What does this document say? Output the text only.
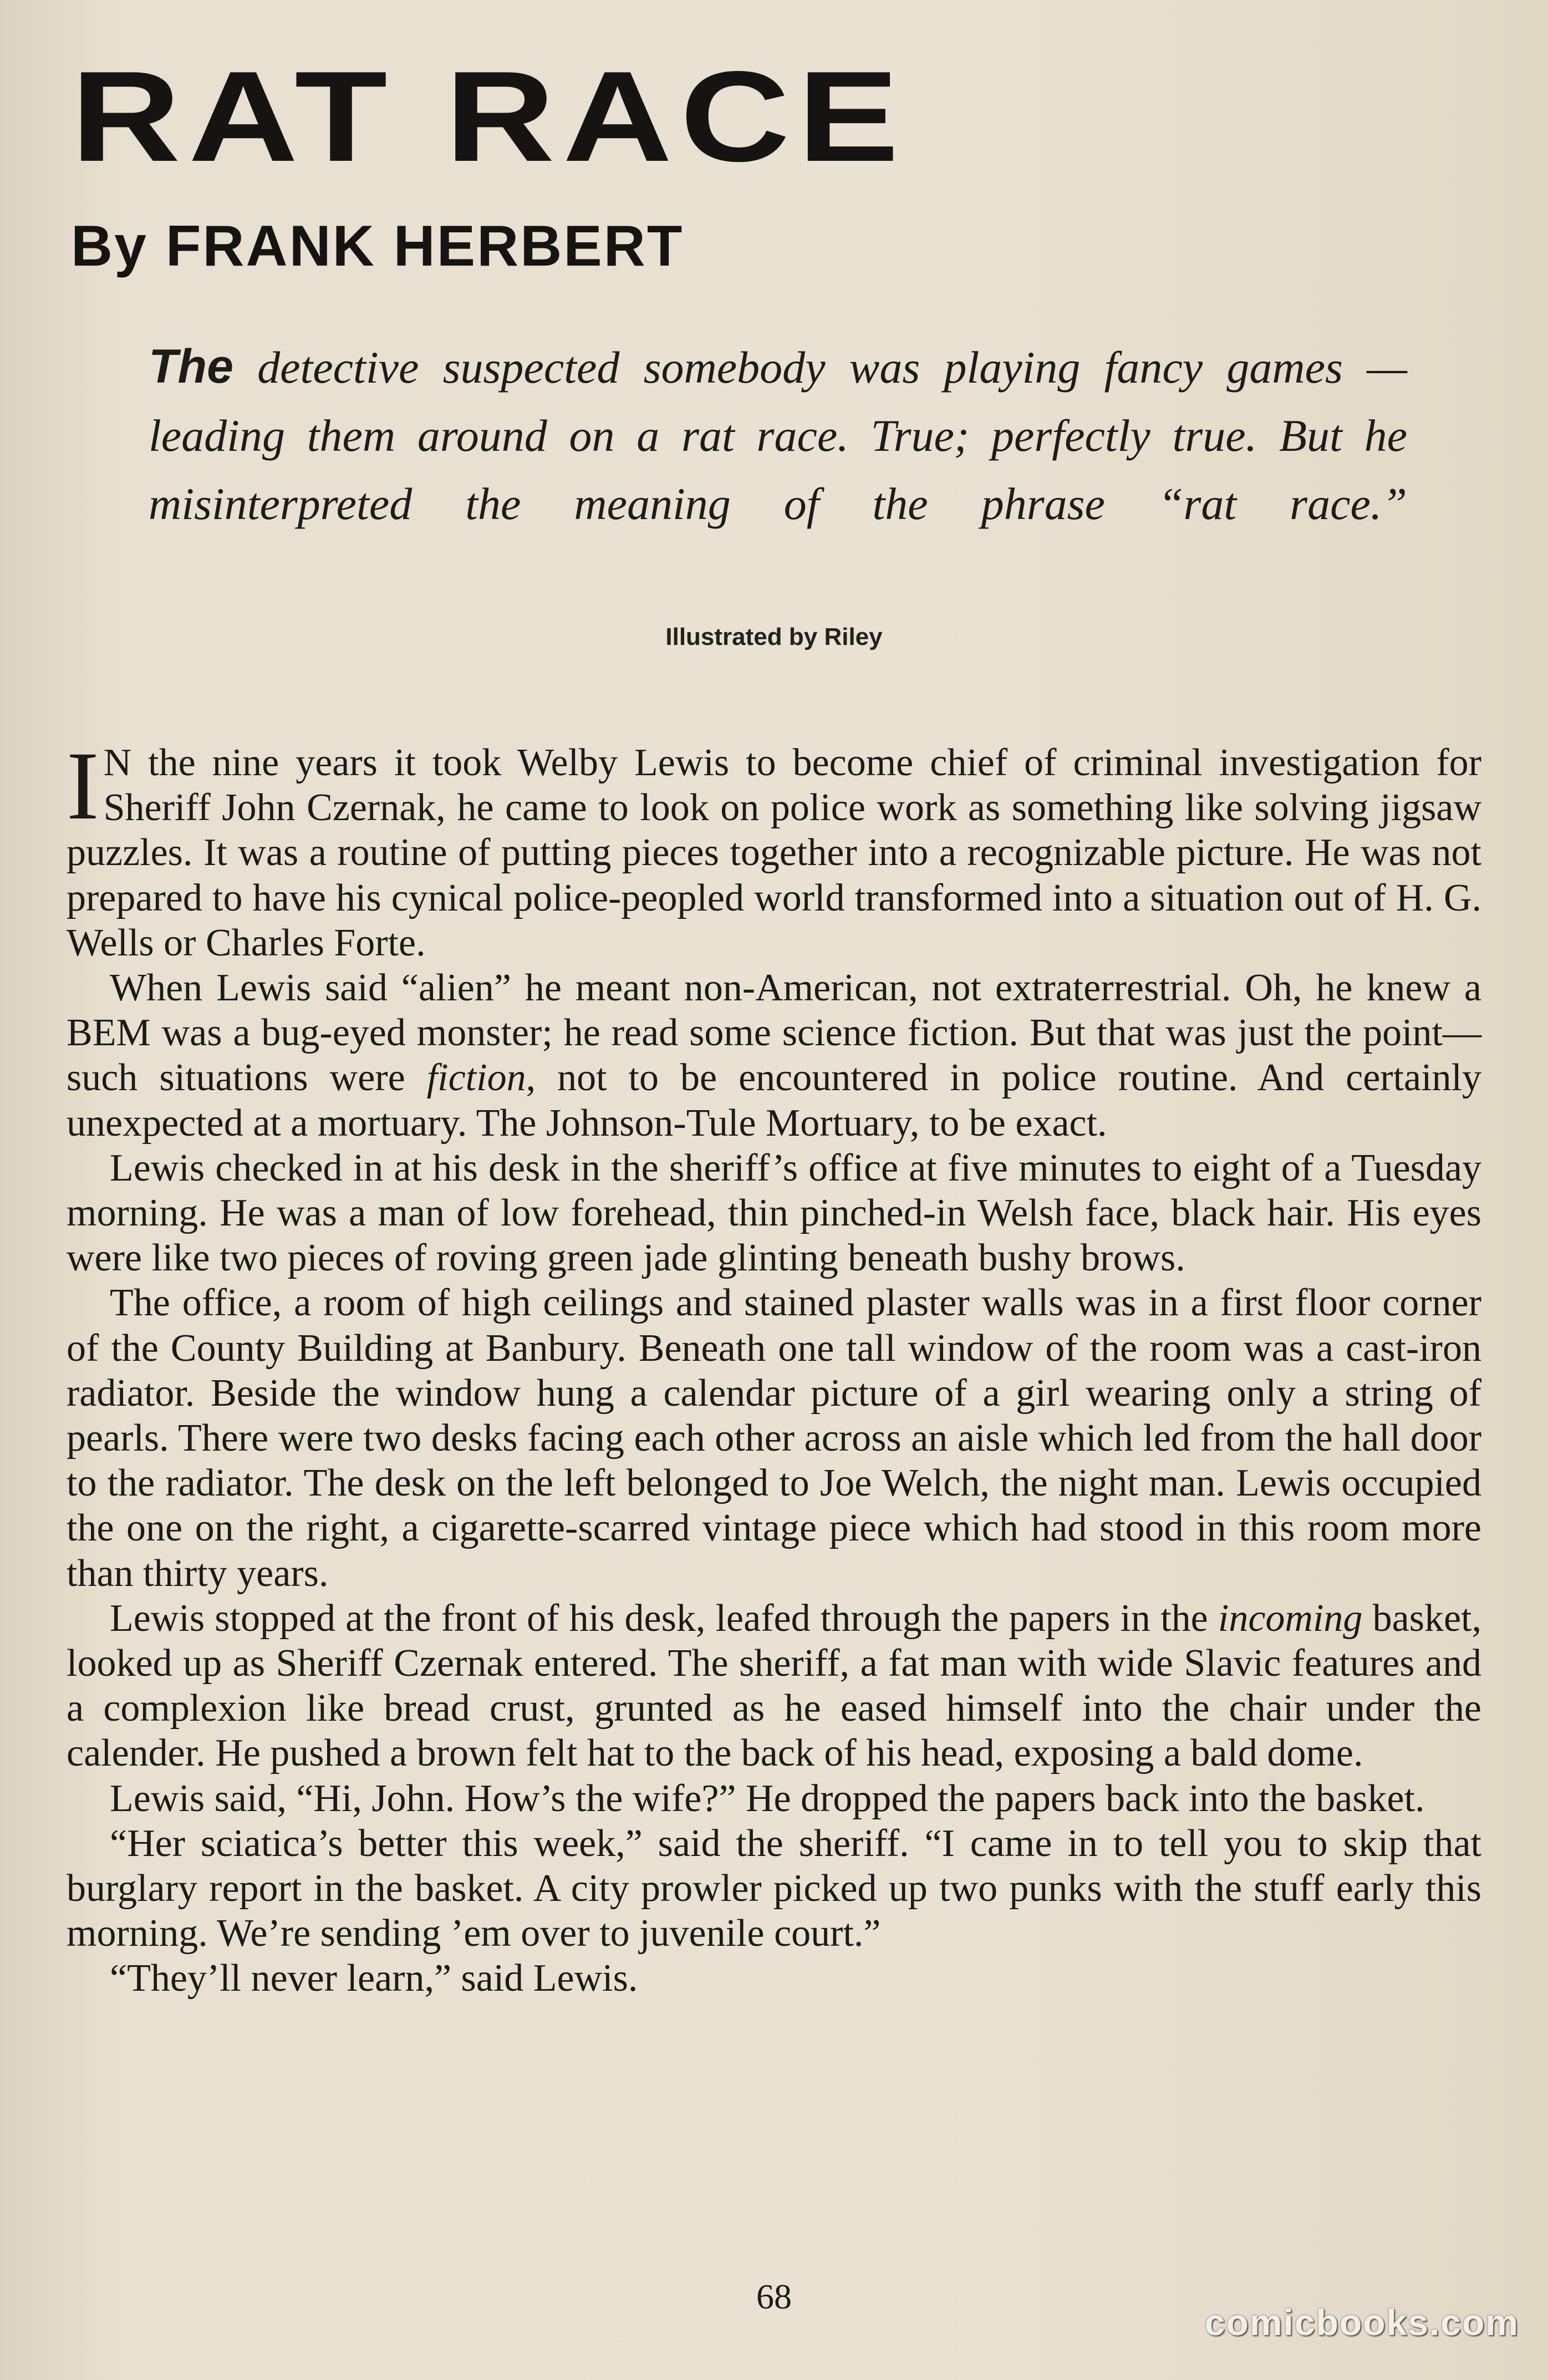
RAT RACE
By FRANK HERBERT

The detective suspected somebody was playing fancy games —leading them around on a rat race. True; perfectly true. But he misinterpreted the meaning of the phrase “rat race.”

Illustrated by Riley

I N the nine years it took Welby Lewis to become chief of criminal investigation for Sheriff John Czernak, he came to look on police work as something like solving jigsaw puzzles. It was a routine of putting pieces together into a recognizable picture. He was not prepared to have his cynical police-peopled world transformed into a situation out of H. G. Wells or Charles Forte.

When Lewis said “alien” he meant non-American, not extraterrestrial. Oh, he knew a BEM was a bug-eyed monster; he read some science fiction. But that was just the point—such situations were fiction, not to be encountered in police routine. And certainly unexpected at a mortuary. The Johnson-Tule Mortuary, to be exact.

Lewis checked in at his desk in the sheriff’s office at five minutes to eight of a Tuesday morning. He was a man of low forehead, thin pinched-in Welsh face, black hair. His eyes were like two pieces of roving green jade glinting beneath bushy brows.

The office, a room of high ceilings and stained plaster walls was in a first floor corner of the County Building at Banbury. Beneath one tall window of the room was a cast-iron radiator. Beside the window hung a calendar picture of a girl wearing only a string of pearls. There were two desks facing each other across an aisle which led from the hall door to the radiator. The desk on the left belonged to Joe Welch, the night man. Lewis occupied the one on the right, a cigarette-scarred vintage piece which had stood in this room more than thirty years.

Lewis stopped at the front of his desk, leafed through the papers in the incoming basket, looked up as Sheriff Czernak entered. The sheriff, a fat man with wide Slavic features and a complexion like bread crust, grunted as he eased himself into the chair under the calender. He pushed a brown felt hat to the back of his head, exposing a bald dome.

Lewis said, “Hi, John. How’s the wife?” He dropped the papers back into the basket.

“Her sciatica’s better this week,” said the sheriff. “I came in to tell you to skip that burglary report in the basket. A city prowler picked up two punks with the stuff early this morning. We’re sending ’em over to juvenile court.”

“They’ll never learn,” said Lewis.

68
comicbooks.com
